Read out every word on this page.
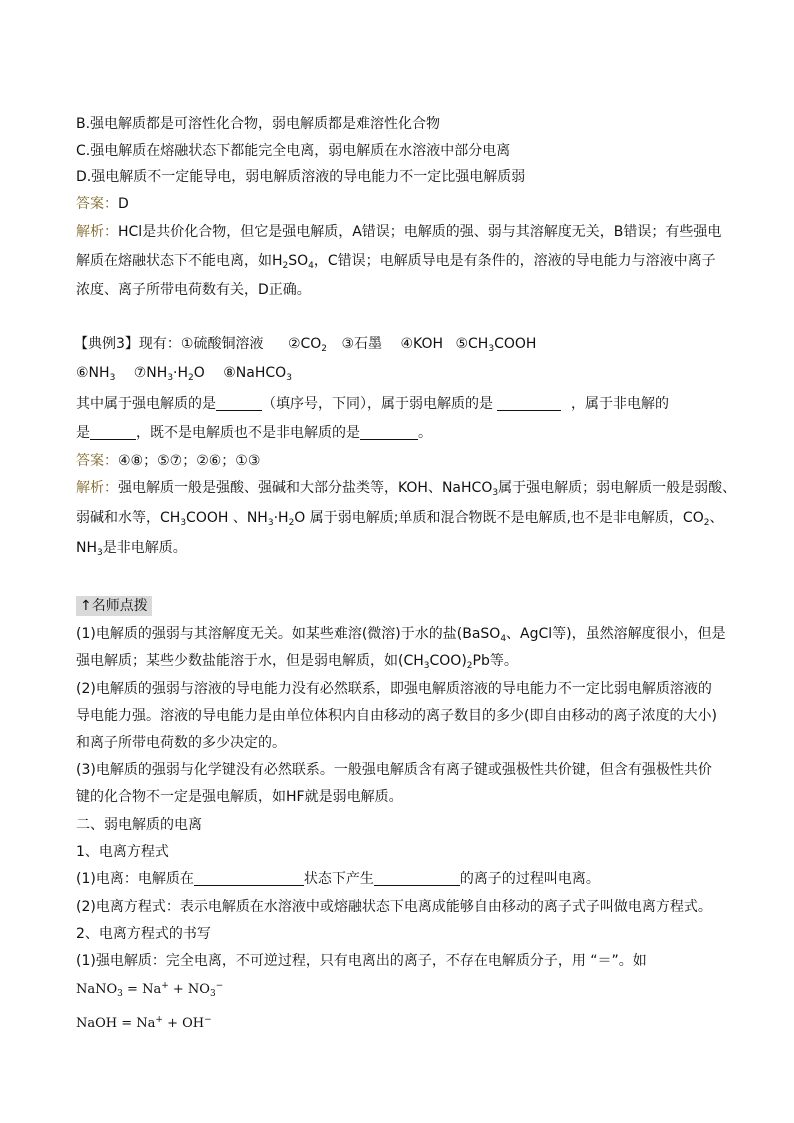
B.强电解质都是可溶性化合物，弱电解质都是难溶性化合物
C.强电解质在熔融状态下都能完全电离，弱电解质在水溶液中部分电离
D.强电解质不一定能导电，弱电解质溶液的导电能力不一定比强电解质弱
答案：D
解析：HCl是共价化合物，但它是强电解质，A错误；电解质的强、弱与其溶解度无关，B错误；有些强电
解质在熔融状态下不能电离，如$H_2SO_4$，C错误；电解质导电是有条件的，溶液的导电能力与溶液中离子
浓度、离子所带电荷数有关，D正确。
【典例3】现有：①硫酸铜溶液 $②CO_2$ ③石墨 ④KOH $⑤CH_3COOH$
$⑥NH_3$ $⑦NH_3\cdot H_2O$ ⑧NaHCO$_3$
其中属于强电解质的是	（填序号，下同），属于弱电解质的是	，属于非电解的
是	，既不是电解质也不是非电解质的是	。
答案：④⑧；⑤⑦；②⑥；①③
解析：强电解质一般是强酸、强碱和大部分盐类等，KOH、NaHCO$_3$属于强电解质；弱电解质一般是弱酸、
弱碱和水等，$CH_3COOH$ 、$NH_3\cdot H_2O$ 属于弱电解质;单质和混合物既不是电解质,也不是非电解质，$CO_2$、
$NH_3$是非电解质。
↑名师点拨
(1)电解质的强弱与其溶解度无关。如某些难溶(微溶)于水的盐(BaSO$_4$、AgCl等)，虽然溶解度很小，但是
强电解质；某些少数盐能溶于水，但是弱电解质，如$(CH_3COO)_2Pb$等。
(2)电解质的强弱与溶液的导电能力没有必然联系，即强电解质溶液的导电能力不一定比弱电解质溶液的
导电能力强。溶液的导电能力是由单位体积内自由移动的离子数目的多少(即自由移动的离子浓度的大小)
和离子所带电荷数的多少决定的。
(3)电解质的强弱与化学键没有必然联系。一般强电解质含有离子键或强极性共价键，但含有强极性共价
键的化合物不一定是强电解质，如HF就是弱电解质。
二、弱电解质的电离
1、电离方程式
(1)电离：电解质在	状态下产生	的离子的过程叫电离。
(2)电离方程式：表示电解质在水溶液中或熔融状态下电离成能够自由移动的离子式子叫做电离方程式。
2、电离方程式的书写
(1)强电解质：完全电离，不可逆过程，只有电离出的离子，不存在电解质分子，用 “＝”。如
NaNO$_3$ = $Na^+ + NO_3^-$
NaOH = Na+ + OH−
